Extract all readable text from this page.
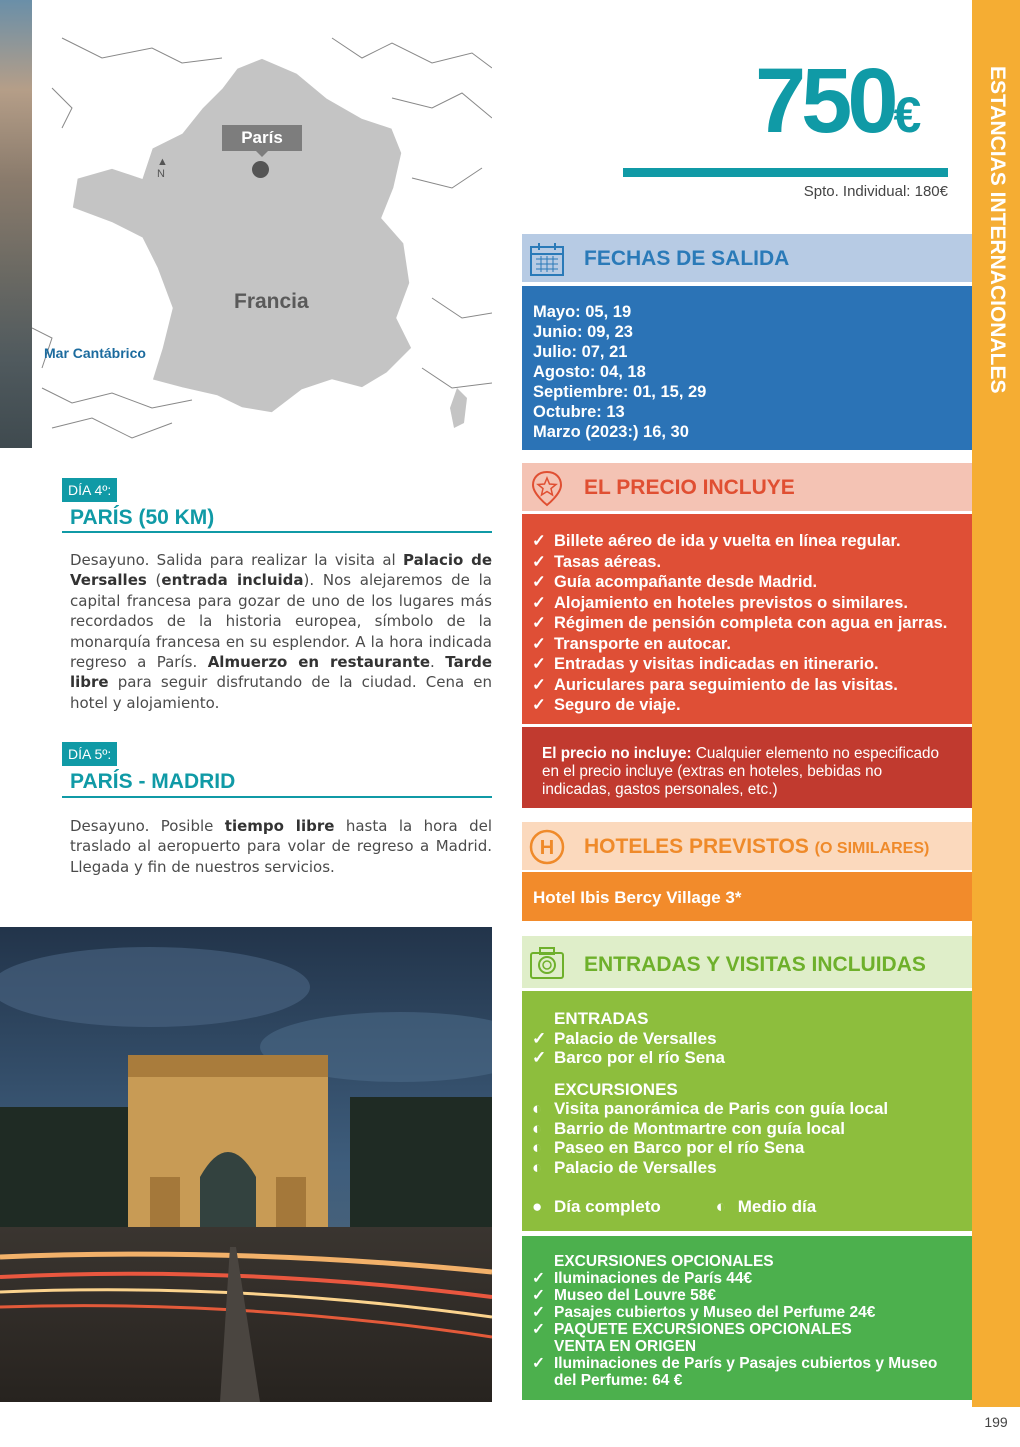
▲
N
París
Francia
Mar Cantábrico
DÍA 4º:
PARÍS (50 KM)
Desayuno. Salida para realizar la visita al Palacio de Versalles (entrada incluida). Nos alejaremos de la capital francesa para gozar de uno de los lugares más recordados de la historia europea, símbolo de la monarquía francesa en su esplendor. A la hora indicada regreso a París. Almuerzo en restaurante. Tarde libre para seguir disfrutando de la ciudad. Cena en hotel y alojamiento.
DÍA 5º:
PARÍS - MADRID
Desayuno. Posible tiempo libre hasta la hora del traslado al aeropuerto para volar de regreso a Madrid. Llegada y fin de nuestros servicios.
750€
Spto. Individual: 180€
FECHAS DE SALIDA
Mayo: 05, 19
Junio: 09, 23
Julio: 07, 21
Agosto: 04, 18
Septiembre: 01, 15, 29
Octubre: 13
Marzo (2023:) 16, 30
EL PRECIO INCLUYE
✓ Billete aéreo de ida y vuelta en línea regular.
✓ Tasas aéreas.
✓ Guía acompañante desde Madrid.
✓ Alojamiento en hoteles previstos o similares.
✓ Régimen de pensión completa con agua en jarras.
✓ Transporte en autocar.
✓ Entradas y visitas indicadas en itinerario.
✓ Auriculares para seguimiento de las visitas.
✓ Seguro de viaje.
El precio no incluye: Cualquier elemento no especificado en el precio incluye (extras en hoteles, bebidas no indicadas, gastos personales, etc.)
H HOTELES PREVISTOS (O SIMILARES)
Hotel Ibis Bercy Village 3*
ENTRADAS Y VISITAS INCLUIDAS
ENTRADAS
✓ Palacio de Versalles
✓ Barco por el río Sena
EXCURSIONES
◐ Visita panorámica de Paris con guía local
◐ Barrio de Montmartre con guía local
◐ Paseo en Barco por el río Sena
◐ Palacio de Versalles
● Día completo	◐ Medio día
EXCURSIONES OPCIONALES
✓ Iluminaciones de París 44€
✓ Museo del Louvre 58€
✓ Pasajes cubiertos y Museo del Perfume 24€
✓ PAQUETE EXCURSIONES OPCIONALES VENTA EN ORIGEN
✓ Iluminaciones de París y Pasajes cubiertos y Museo del Perfume: 64 €
ESTANCIAS INTERNACIONALES
199
